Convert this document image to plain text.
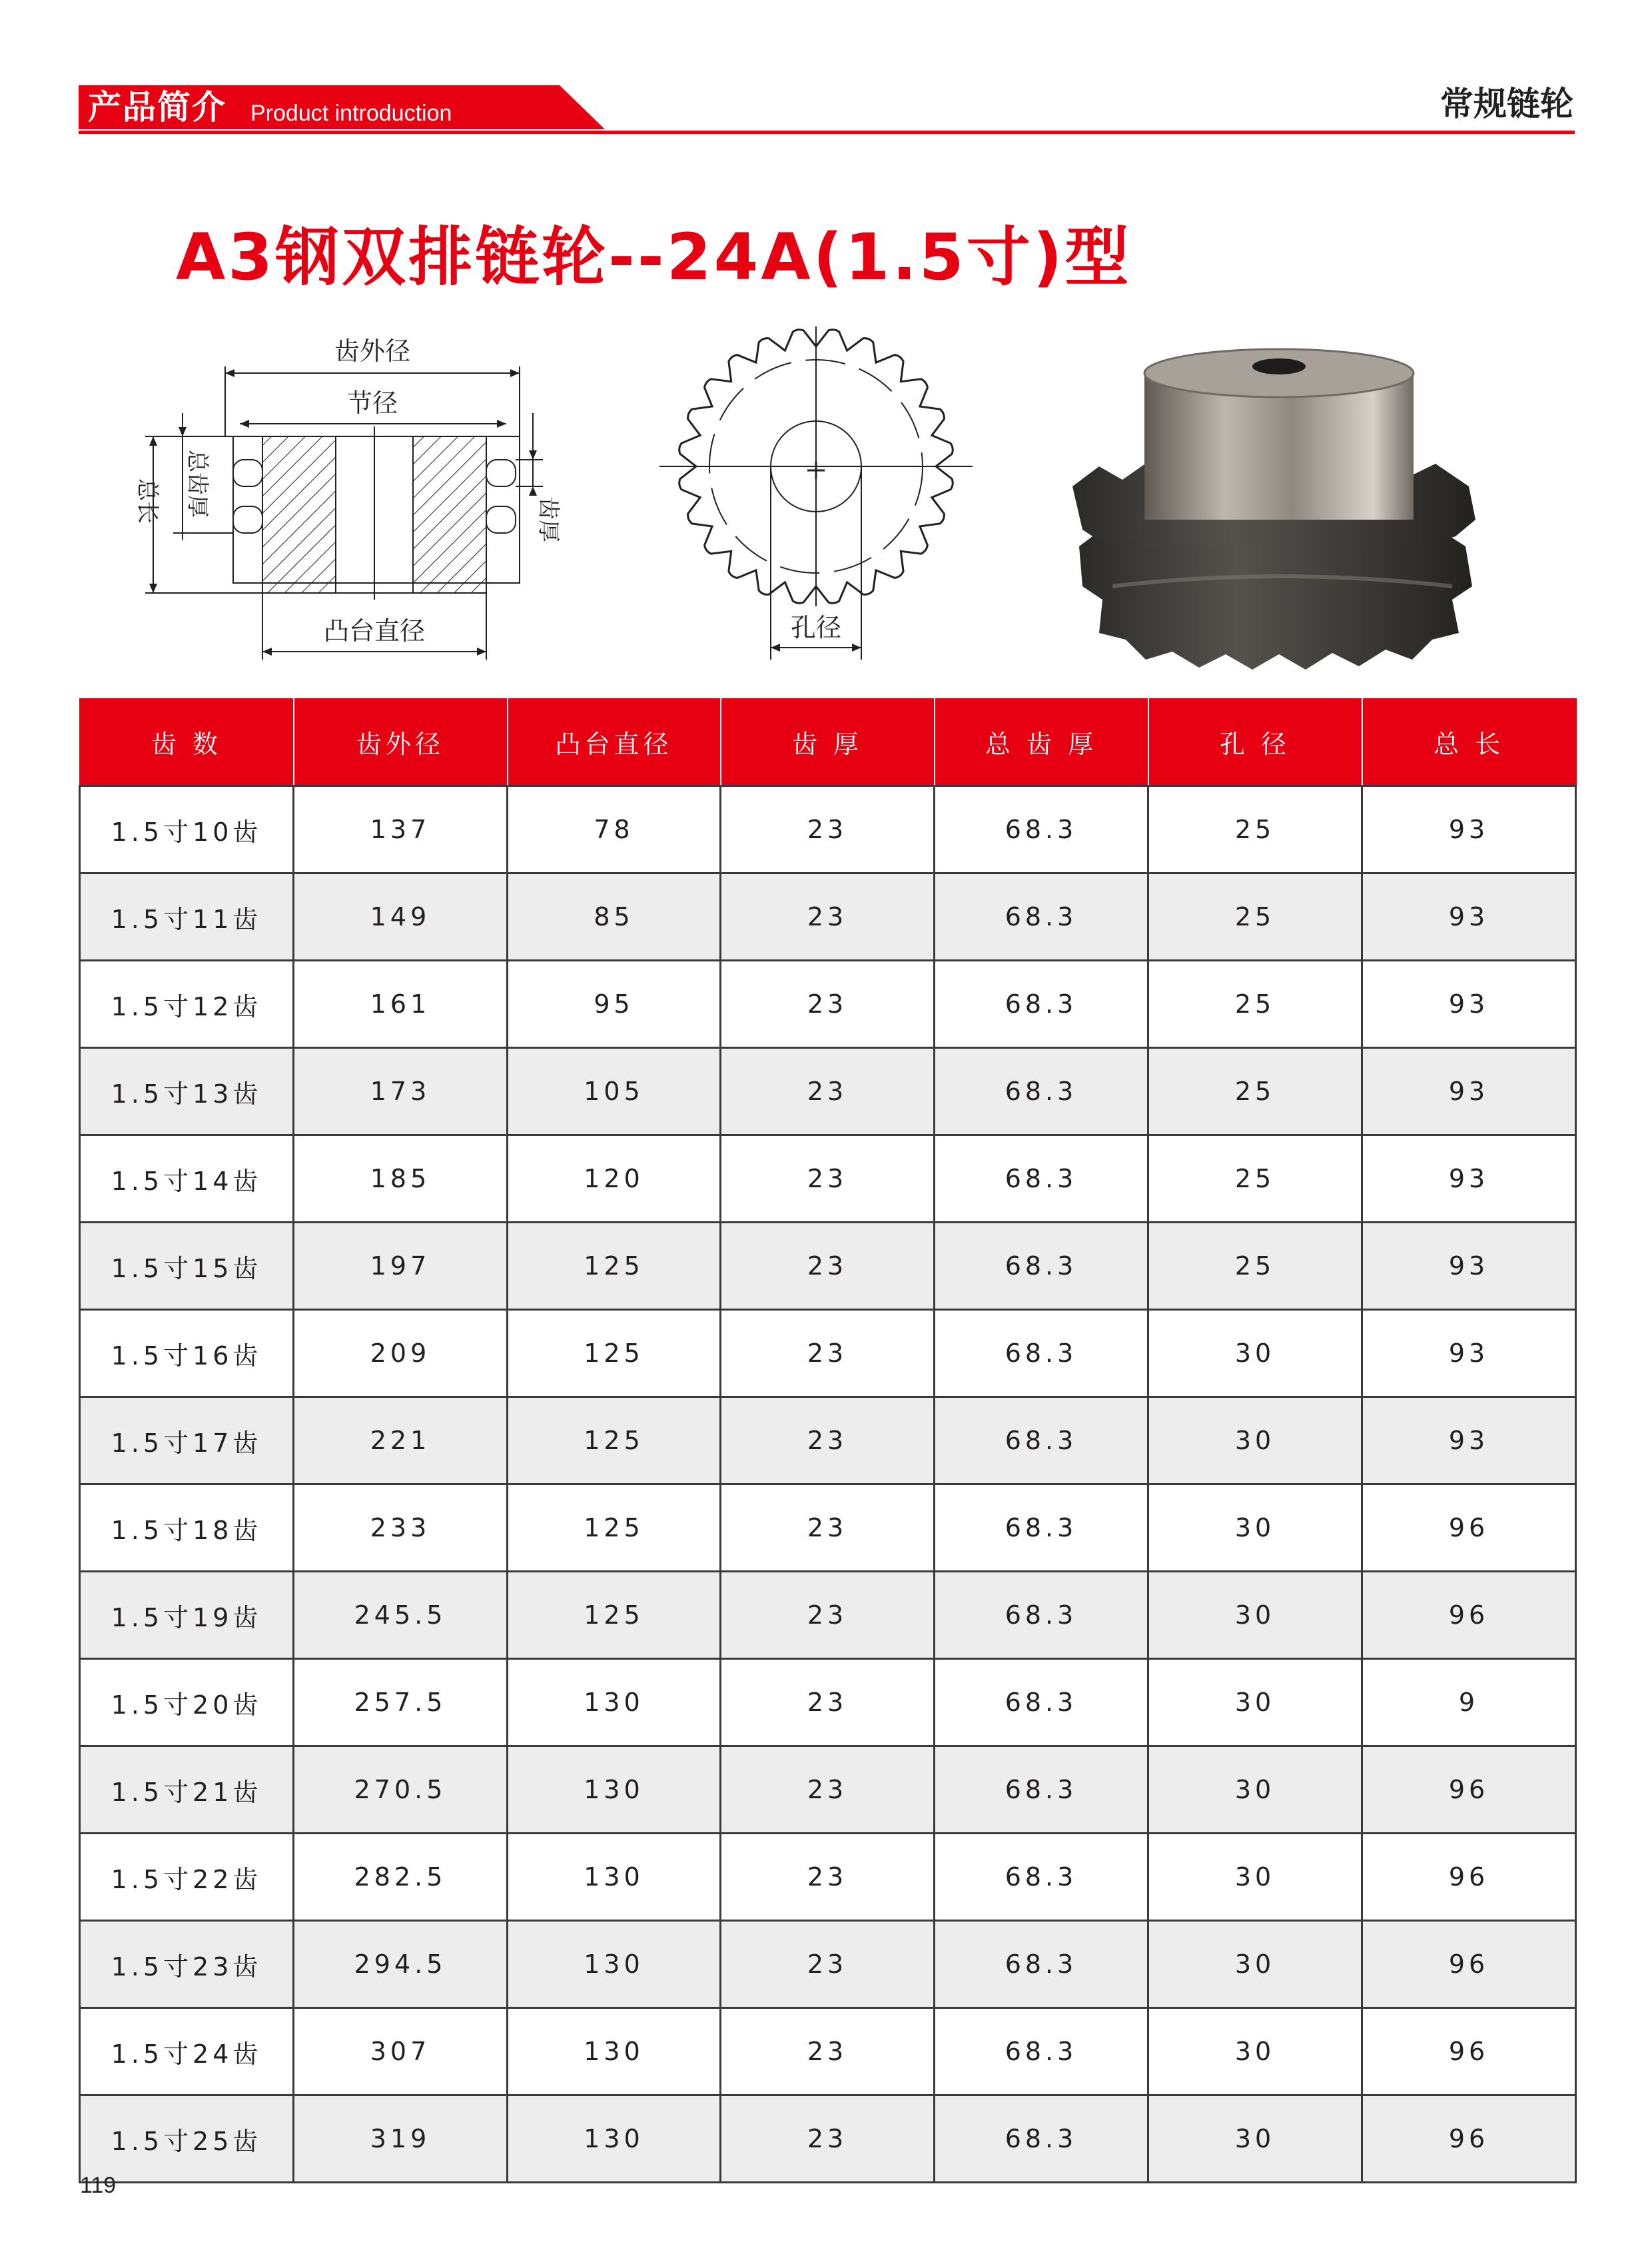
产品简介 Product introduction	常规链轮
A3钢双排链轮--24A(1.5寸)型
齿外径
节径
总长 总齿厚
齿厚
凸台直径	孔径
齿 数	齿外径	凸台直径	齿 厚	总 齿 厚	孔 径	总 长
1.5寸10齿	137	78	23	68.3	25	93
1.5寸11齿	149	85	23	68.3	25	93
1.5寸12齿	161	95	23	68.3	25	93
1.5寸13齿	173	105	23	68.3	25	93
1.5寸14齿	185	120	23	68.3	25	93
1.5寸15齿	197	125	23	68.3	25	93
1.5寸16齿	209	125	23	68.3	30	93
1.5寸17齿	221	125	23	68.3	30	93
1.5寸18齿	233	125	23	68.3	30	96
1.5寸19齿	245.5	125	23	68.3	30	96
1.5寸20齿	257.5	130	23	68.3	30	9
1.5寸21齿	270.5	130	23	68.3	30	96
1.5寸22齿	282.5	130	23	68.3	30	96
1.5寸23齿	294.5	130	23	68.3	30	96
1.5寸24齿	307	130	23	68.3	30	96
1.5寸25齿	319	130	23	68.3	30	96
119
